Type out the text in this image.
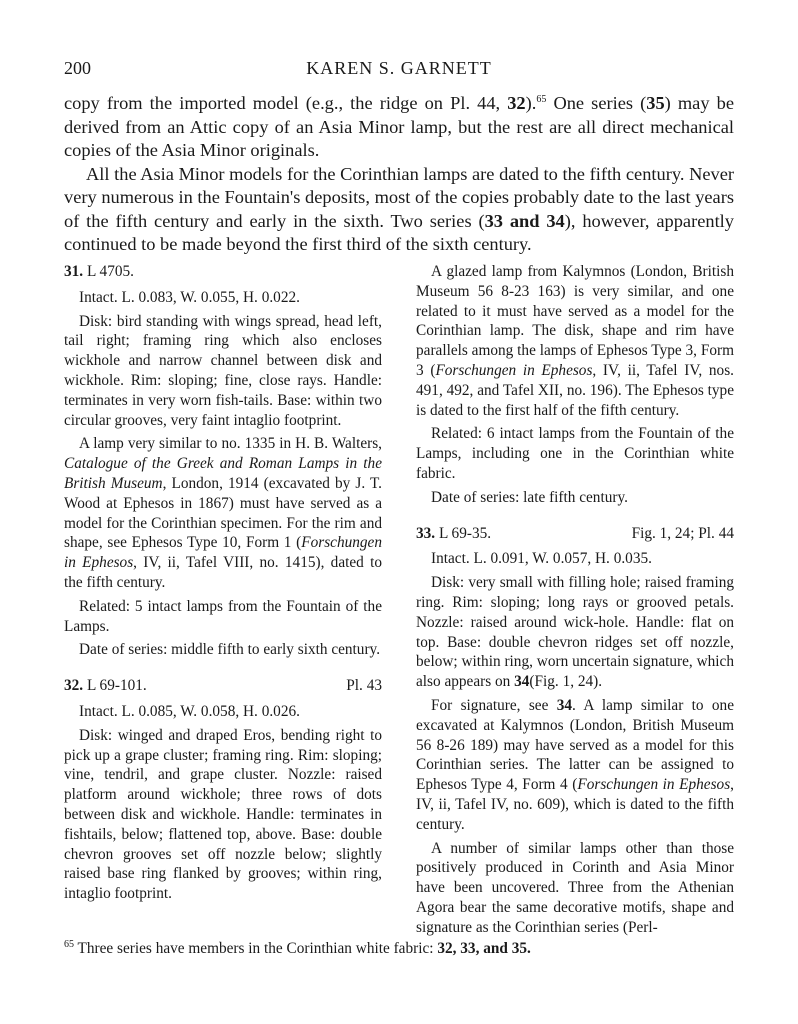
200	KAREN S. GARNETT

copy from the imported model (e.g., the ridge on Pl. 44, 32).$^{65}$ One series (35) may be derived from an Attic copy of an Asia Minor lamp, but the rest are all direct mechanical copies of the Asia Minor originals.

All the Asia Minor models for the Corinthian lamps are dated to the fifth century. Never very numerous in the Fountain's deposits, most of the copies probably date to the last years of the fifth century and early in the sixth. Two series (33 and 34), however, apparently continued to be made beyond the first third of the sixth century.

31. L 4705.

Intact. L. 0.083, W. 0.055, H. 0.022.

Disk: bird standing with wings spread, head left, tail right; framing ring which also encloses wickhole and narrow channel between disk and wickhole. Rim: sloping; fine, close rays. Handle: terminates in very worn fish-tails. Base: within two circular grooves, very faint intaglio footprint.

A lamp very similar to no. 1335 in H. B. Walters, Catalogue of the Greek and Roman Lamps in the British Museum, London, 1914 (excavated by J. T. Wood at Ephesos in 1867) must have served as a model for the Corinthian specimen. For the rim and shape, see Ephesos Type 10, Form 1 (Forschungen in Ephesos, IV, ii, Tafel VIII, no. 1415), dated to the fifth century.

Related: 5 intact lamps from the Fountain of the Lamps.

Date of series: middle fifth to early sixth century.

32. L 69-101.	Pl. 43

Intact. L. 0.085, W. 0.058, H. 0.026.

Disk: winged and draped Eros, bending right to pick up a grape cluster; framing ring. Rim: sloping; vine, tendril, and grape cluster. Nozzle: raised platform around wickhole; three rows of dots between disk and wickhole. Handle: terminates in fishtails, below; flattened top, above. Base: double chevron grooves set off nozzle below; slightly raised base ring flanked by grooves; within ring, intaglio footprint.

A glazed lamp from Kalymnos (London, British Museum 56 8-23 163) is very similar, and one related to it must have served as a model for the Corinthian lamp. The disk, shape and rim have parallels among the lamps of Ephesos Type 3, Form 3 (Forschungen in Ephesos, IV, ii, Tafel IV, nos. 491, 492, and Tafel XII, no. 196). The Ephesos type is dated to the first half of the fifth century.

Related: 6 intact lamps from the Fountain of the Lamps, including one in the Corinthian white fabric.

Date of series: late fifth century.

33. L 69-35.	Fig. 1, 24; Pl. 44

Intact. L. 0.091, W. 0.057, H. 0.035.

Disk: very small with filling hole; raised framing ring. Rim: sloping; long rays or grooved petals. Nozzle: raised around wick-hole. Handle: flat on top. Base: double chevron ridges set off nozzle, below; within ring, worn uncertain signature, which also appears on 34(Fig. 1, 24).

For signature, see 34. A lamp similar to one excavated at Kalymnos (London, British Museum 56 8-26 189) may have served as a model for this Corinthian series. The latter can be assigned to Ephesos Type 4, Form 4 (Forschungen in Ephesos, IV, ii, Tafel IV, no. 609), which is dated to the fifth century.

A number of similar lamps other than those positively produced in Corinth and Asia Minor have been uncovered. Three from the Athenian Agora bear the same decorative motifs, shape and signature as the Corinthian series (Perl-

$^{65}$ Three series have members in the Corinthian white fabric: 32, 33, and 35.
